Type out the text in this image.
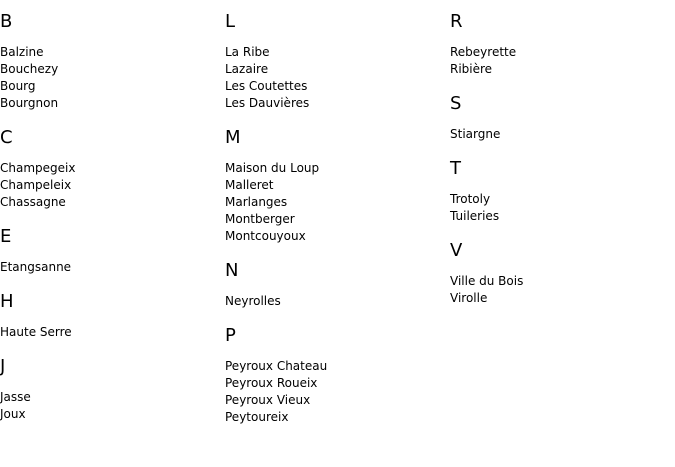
B
Balzine
Bouchezy
Bourg
Bourgnon
C
Champegeix
Champeleix
Chassagne
E
Etangsanne
H
Haute Serre
J
Jasse
Joux
L
La Ribe
Lazaire
Les Coutettes
Les Dauvières
M
Maison du Loup
Malleret
Marlanges
Montberger
Montcouyoux
N
Neyrolles
P
Peyroux Chateau
Peyroux Roueix
Peyroux Vieux
Peytoureix
R
Rebeyrette
Ribière
S
Stiargne
T
Trotoly
Tuileries
V
Ville du Bois
Virolle
